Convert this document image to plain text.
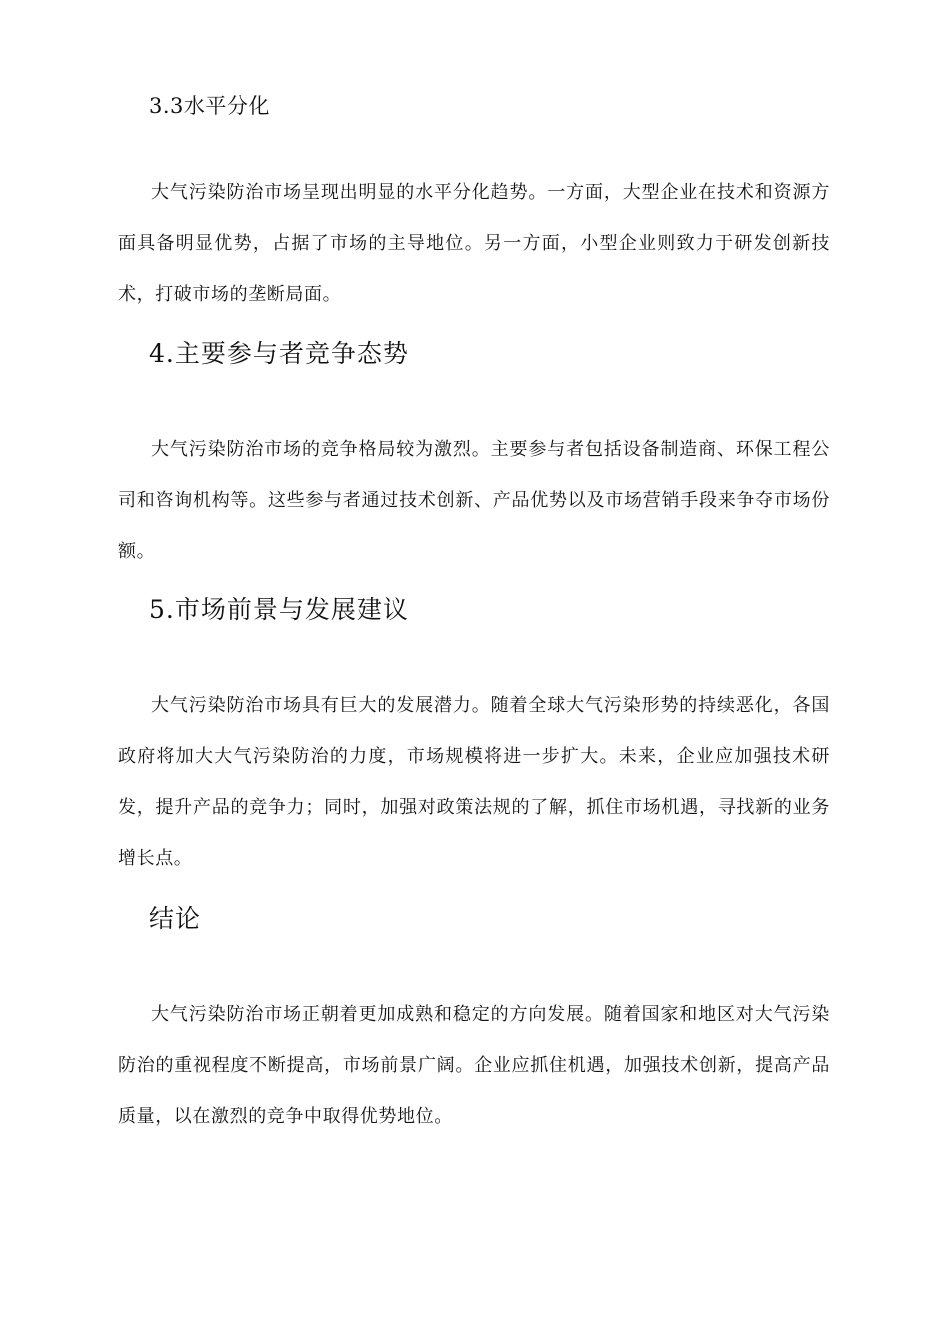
3.3水平分化

大气污染防治市场呈现出明显的水平分化趋势。一方面，大型企业在技术和资源方面具备明显优势，占据了市场的主导地位。另一方面，小型企业则致力于研发创新技术，打破市场的垄断局面。

4.主要参与者竞争态势

大气污染防治市场的竞争格局较为激烈。主要参与者包括设备制造商、环保工程公司和咨询机构等。这些参与者通过技术创新、产品优势以及市场营销手段来争夺市场份额。

5.市场前景与发展建议

大气污染防治市场具有巨大的发展潜力。随着全球大气污染形势的持续恶化，各国政府将加大大气污染防治的力度，市场规模将进一步扩大。未来，企业应加强技术研发，提升产品的竞争力；同时，加强对政策法规的了解，抓住市场机遇，寻找新的业务增长点。

结论

大气污染防治市场正朝着更加成熟和稳定的方向发展。随着国家和地区对大气污染防治的重视程度不断提高，市场前景广阔。企业应抓住机遇，加强技术创新，提高产品质量，以在激烈的竞争中取得优势地位。
